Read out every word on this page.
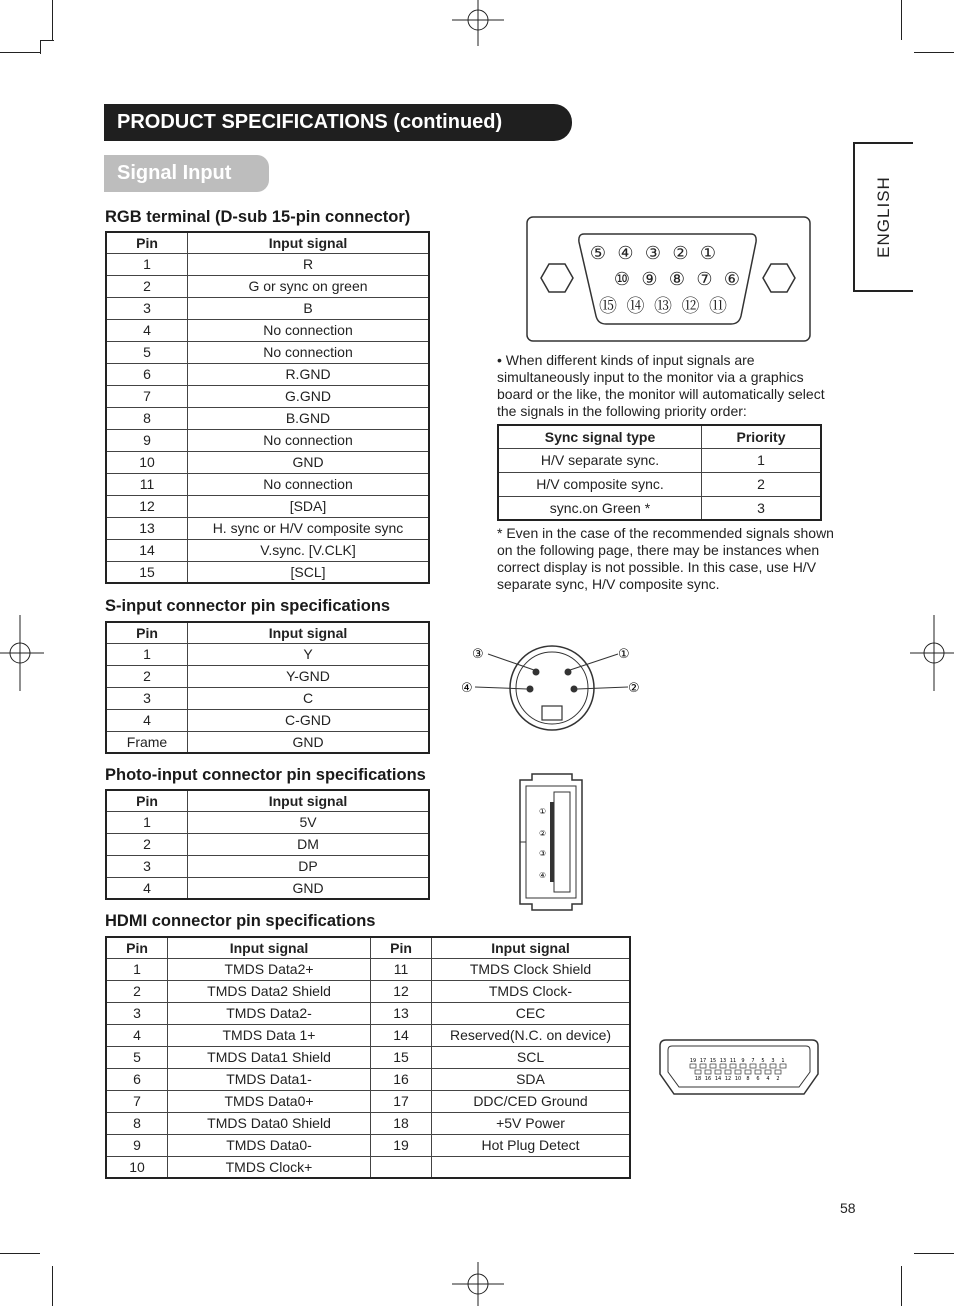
PRODUCT SPECIFICATIONS (continued)
Signal Input
ENGLISH
RGB terminal (D-sub 15-pin connector)
Pin	Input signal
1	R
2	G or sync on green
3	B
4	No connection
5	No connection
6	R.GND
7	G.GND
8	B.GND
9	No connection
10	GND
11	No connection
12	[SDA]
13	H. sync or H/V composite sync
14	V.sync. [V.CLK]
15	[SCL]
⑤ ④ ③ ② ①
⑩ ⑨ ⑧ ⑦ ⑥
⑮ ⑭ ⑬ ⑫ ⑪
• When different kinds of input signals are simultaneously input to the monitor via a graphics board or the like, the monitor will automatically select the signals in the following priority order:
Sync signal type	Priority
H/V separate sync.	1
H/V composite sync.	2
sync.on Green *	3
* Even in the case of the recommended signals shown on the following page, there may be instances when correct display is not possible. In this case, use H/V separate sync, H/V composite sync.
S-input connector pin specifications
Pin	Input signal
1	Y
2	Y-GND
3	C
4	C-GND
Frame	GND
③	①
④	②
Photo-input connector pin specifications
Pin	Input signal
1	5V
2	DM
3	DP
4	GND
①
②
③
④
HDMI connector pin specifications
Pin	Input signal	Pin	Input signal
1	TMDS Data2+	11	TMDS Clock Shield
2	TMDS Data2 Shield	12	TMDS Clock-
3	TMDS Data2-	13	CEC
4	TMDS Data 1+	14	Reserved(N.C. on device)
5	TMDS Data1 Shield	15	SCL
6	TMDS Data1-	16	SDA
7	TMDS Data0+	17	DDC/CED Ground
8	TMDS Data0 Shield	18	+5V Power
9	TMDS Data0-	19	Hot Plug Detect
10	TMDS Clock+		
19 17 15 13 11 9 7 5 3 1
18 16 14 12 10 8 6 4 2
58
